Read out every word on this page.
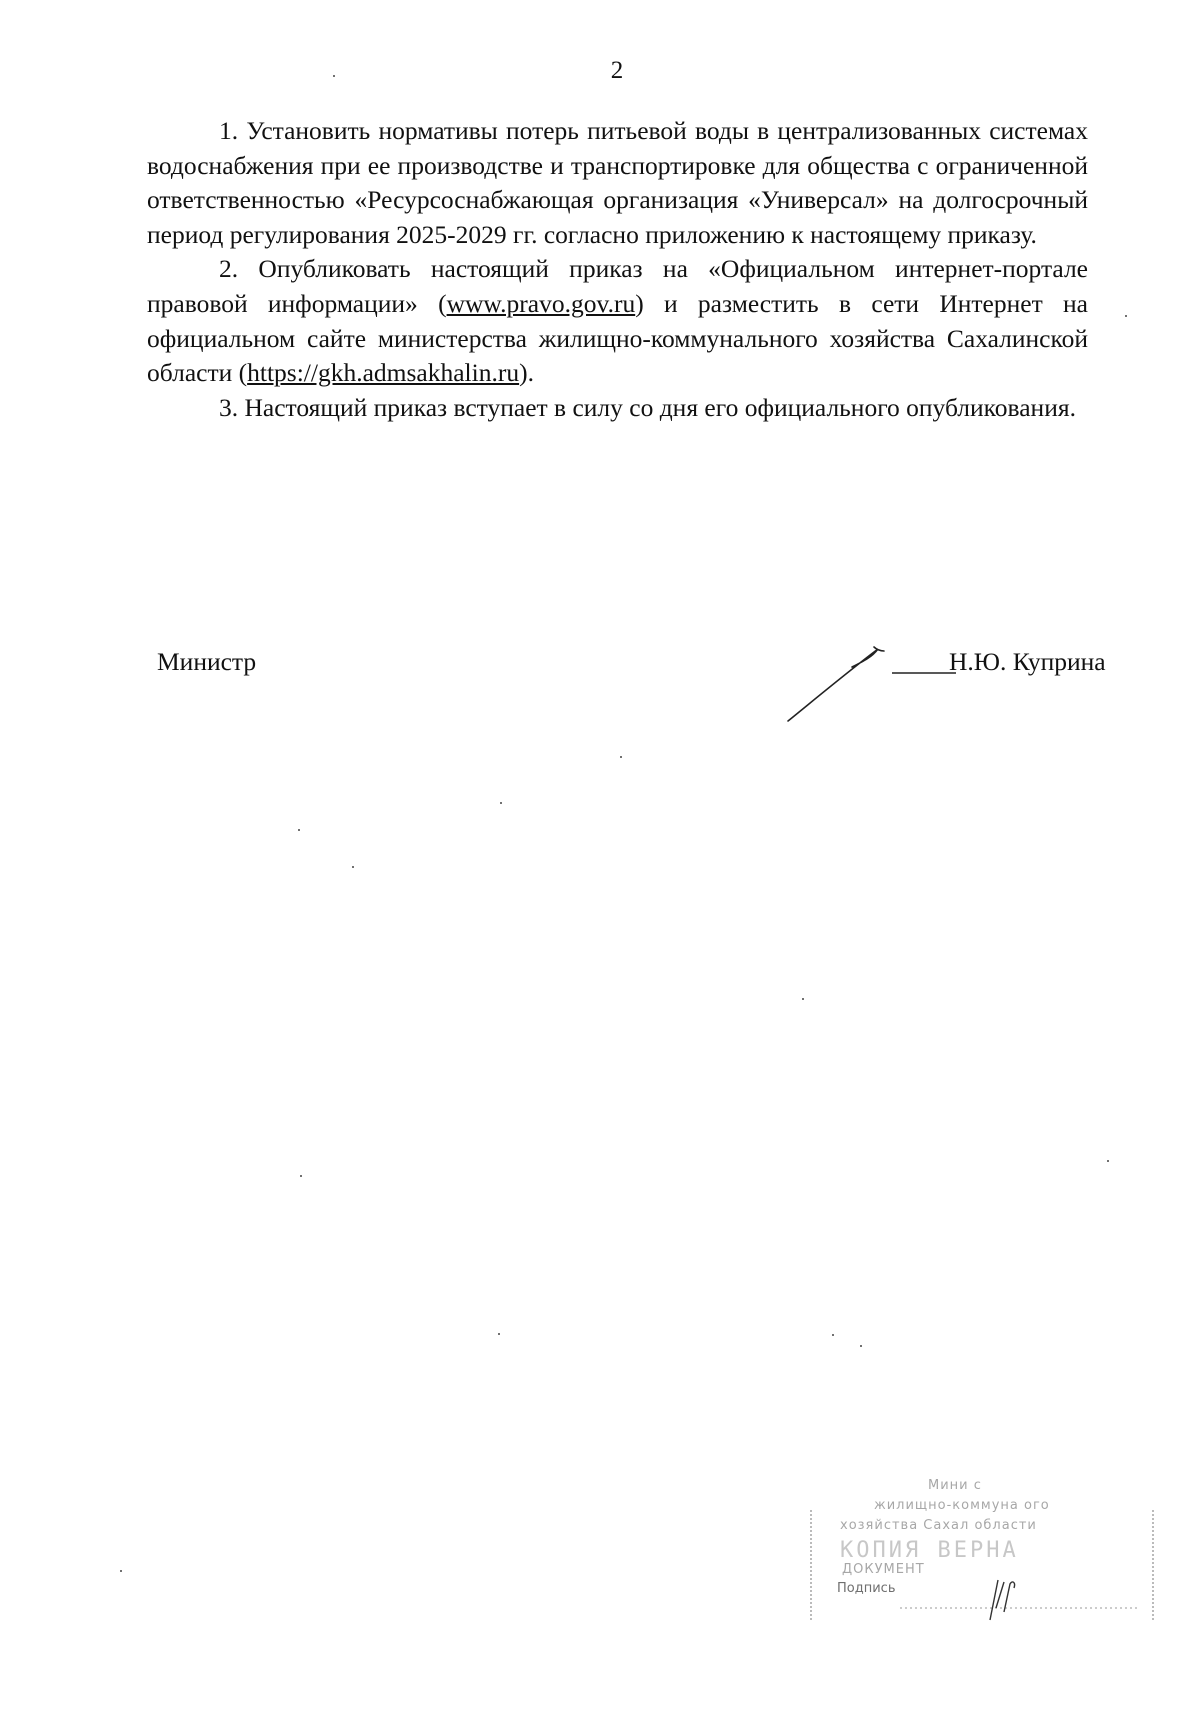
2

1. Установить нормативы потерь питьевой воды в централизованных системах водоснабжения при ее производстве и транспортировке для общества с ограниченной ответственностью «Ресурсоснабжающая организация «Универсал» на долгосрочный период регулирования 2025-2029 гг. согласно приложению к настоящему приказу.

2. Опубликовать настоящий приказ на «Официальном интернет-портале правовой информации» (www.pravo.gov.ru) и разместить в сети Интернет на официальном сайте министерства жилищно-коммунального хозяйства Сахалинской области (https://gkh.admsakhalin.ru).

3. Настоящий приказ вступает в силу со дня его официального опубликования.

Министр	Н.Ю. Куприна
Мини с
жилищно-коммуна ого
хозяйства Сахал области
КОПИЯ ВЕРНА
ДОКУМЕНТ
Подпись
